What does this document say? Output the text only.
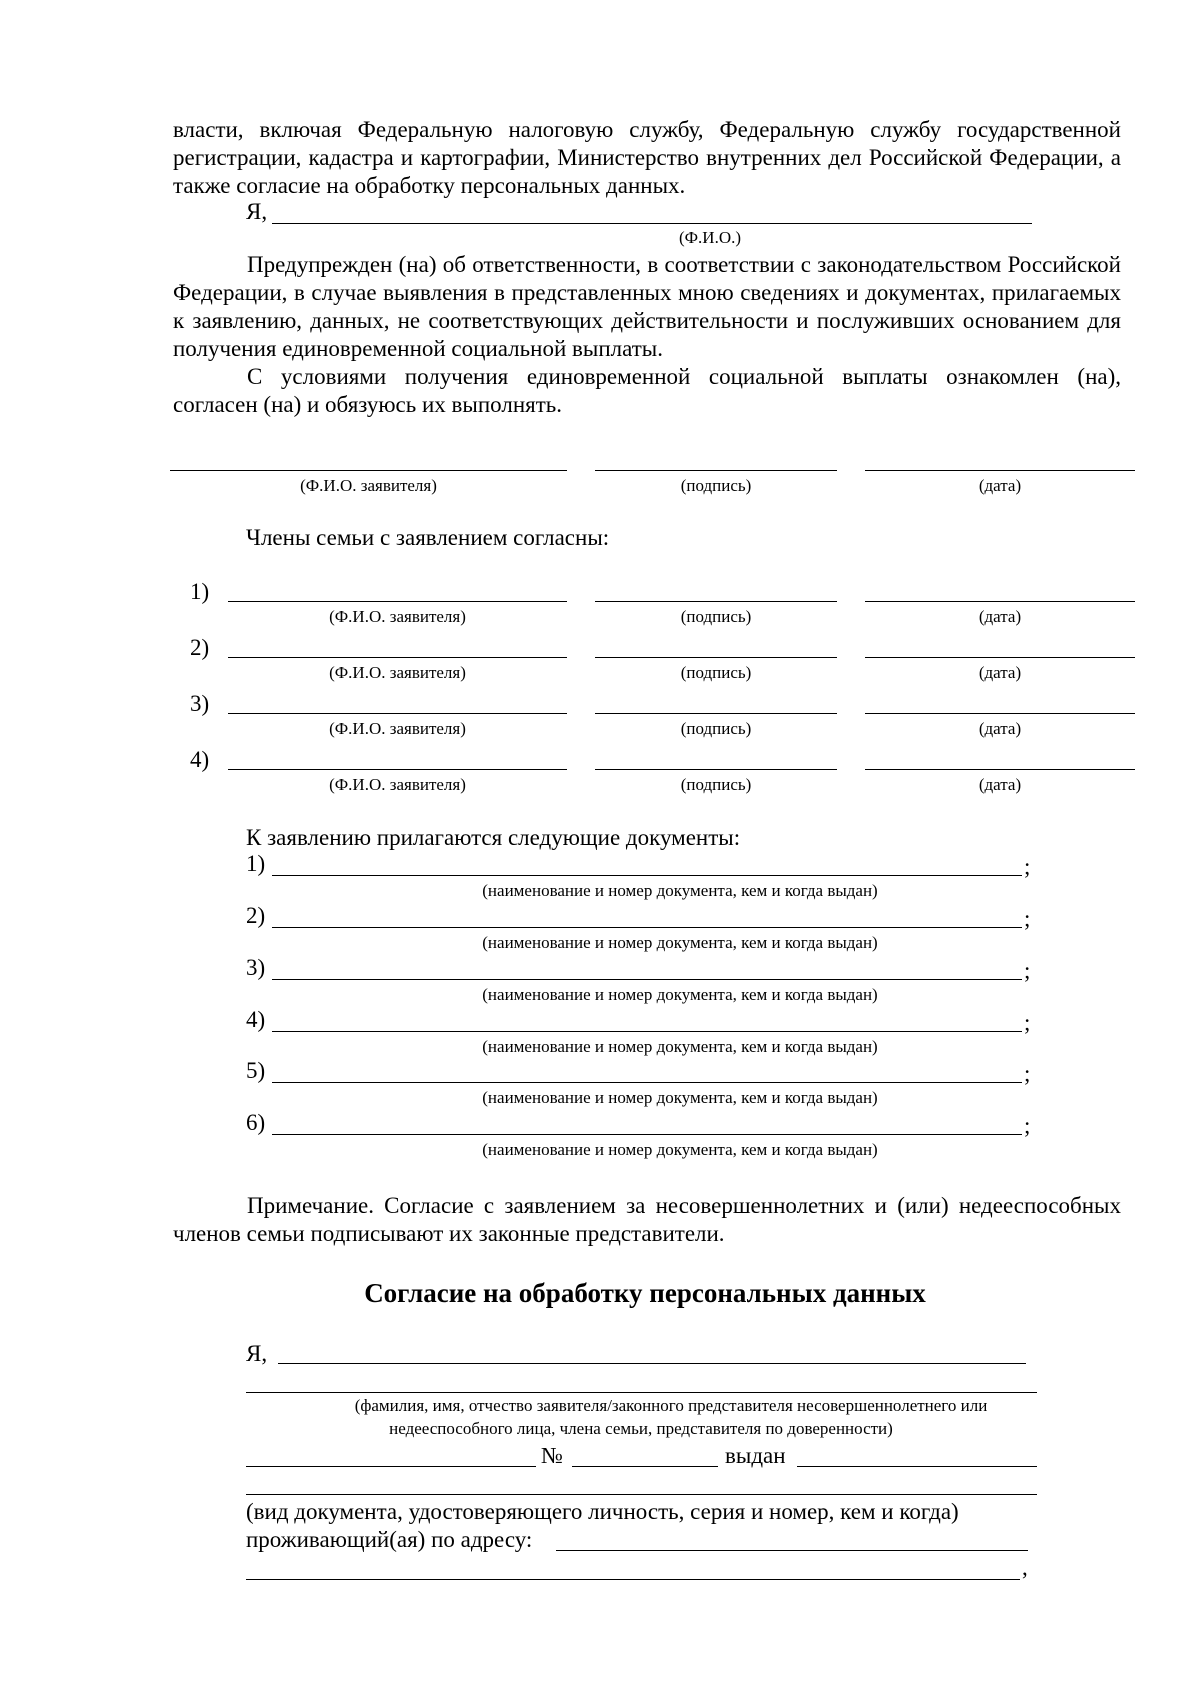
власти, включая Федеральную налоговую службу, Федеральную службу государственной регистрации, кадастра и картографии, Министерство внутренних дел Российской Федерации, а также согласие на обработку персональных данных.
Я,
(Ф.И.О.)
Предупрежден (на) об ответственности, в соответствии с законодательством Российской Федерации, в случае выявления в представленных мною сведениях и документах, прилагаемых к заявлению, данных, не соответствующих действительности и послуживших основанием для получения единовременной социальной выплаты.
С условиями получения единовременной социальной выплаты ознакомлен (на), согласен (на) и обязуюсь их выполнять.
(Ф.И.О. заявителя)	(подпись)	(дата)
Члены семьи с заявлением согласны:
1)
(Ф.И.О. заявителя)	(подпись)	(дата)
2)
(Ф.И.О. заявителя)	(подпись)	(дата)
3)
(Ф.И.О. заявителя)	(подпись)	(дата)
4)
(Ф.И.О. заявителя)	(подпись)	(дата)
К заявлению прилагаются следующие документы:
1)	;
(наименование и номер документа, кем и когда выдан)
2)	;
(наименование и номер документа, кем и когда выдан)
3)	;
(наименование и номер документа, кем и когда выдан)
4)	;
(наименование и номер документа, кем и когда выдан)
5)	;
(наименование и номер документа, кем и когда выдан)
6)	;
(наименование и номер документа, кем и когда выдан)
Примечание. Согласие с заявлением за несовершеннолетних и (или) недееспособных членов семьи подписывают их законные представители.
Согласие на обработку персональных данных
Я,
(фамилия, имя, отчество заявителя/законного представителя несовершеннолетнего или
недееспособного лица, члена семьи, представителя по доверенности)
№	выдан
(вид документа, удостоверяющего личность, серия и номер, кем и когда)
проживающий(ая) по адресу:
,
